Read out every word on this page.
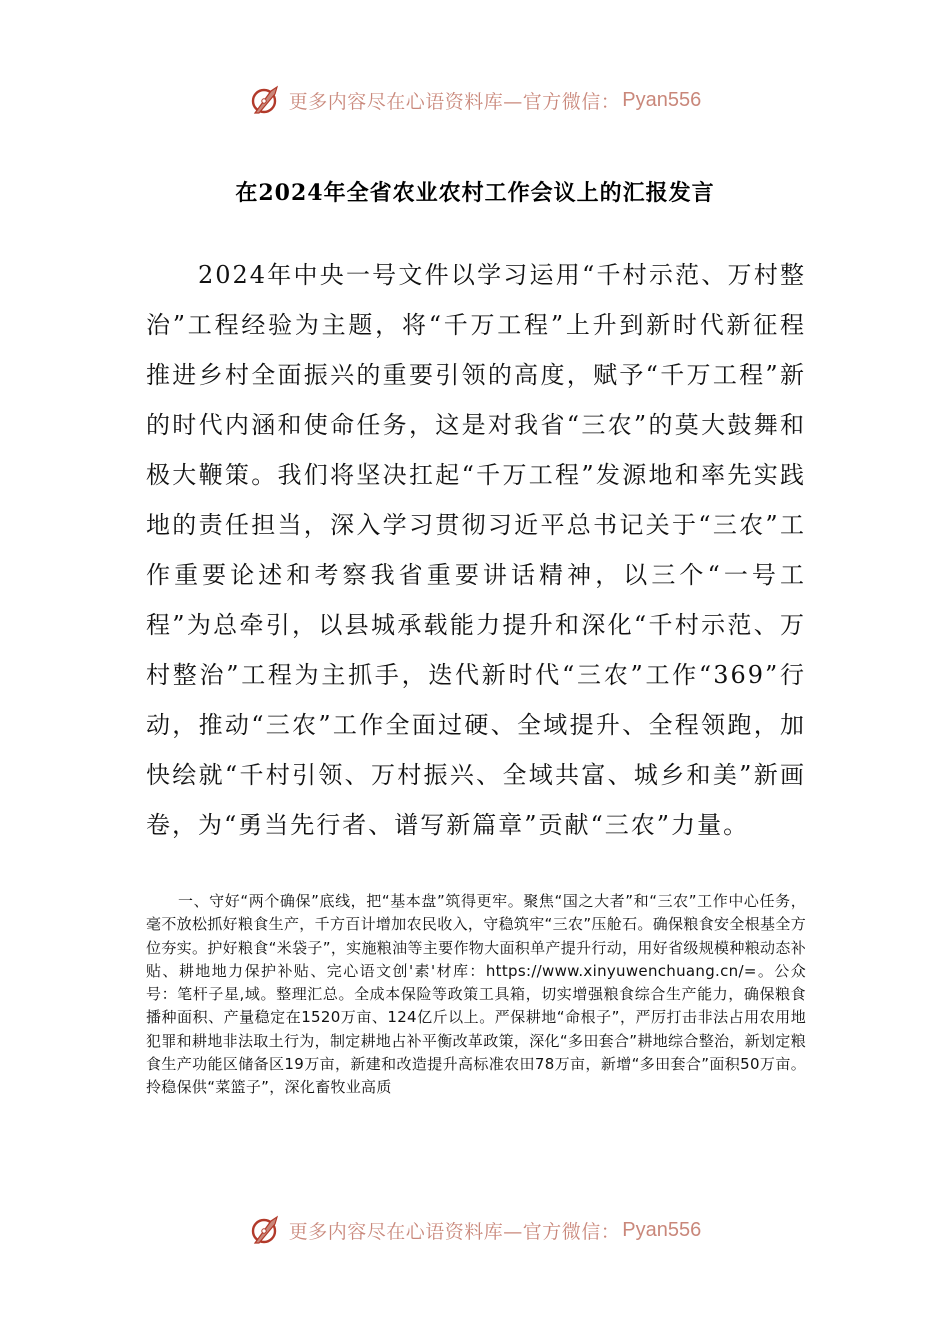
更多内容尽在心语资料库—官方微信： Pyan556
在2024年全省农业农村工作会议上的汇报发言

2024年中央一号文件以学习运用“千村示范、万村整治”工程经验为主题，将“千万工程”上升到新时代新征程推进乡村全面振兴的重要引领的高度，赋予“千万工程”新的时代内涵和使命任务，这是对我省“三农”的莫大鼓舞和极大鞭策。我们将坚决扛起“千万工程”发源地和率先实践地的责任担当，深入学习贯彻习近平总书记关于“三农”工作重要论述和考察我省重要讲话精神，以三个“一号工程”为总牵引，以县城承载能力提升和深化“千村示范、万村整治”工程为主抓手，迭代新时代“三农”工作“369”行动，推动“三农”工作全面过硬、全域提升、全程领跑，加快绘就“千村引领、万村振兴、全域共富、城乡和美”新画卷，为“勇当先行者、谱写新篇章”贡献“三农”力量。

一、守好“两个确保”底线，把“基本盘”筑得更牢。聚焦“国之大者”和“三农”工作中心任务，毫不放松抓好粮食生产，千方百计增加农民收入，守稳筑牢“三农”压舱石。确保粮食安全根基全方位夯实。护好粮食“米袋子”，实施粮油等主要作物大面积单产提升行动，用好省级规模种粮动态补贴、耕地地力保护补贴、完心语文创'素'材库：https://www.xinyuwenchuang.cn/=。公众号：笔杆子星,域。整理汇总。全成本保险等政策工具箱，切实增强粮食综合生产能力，确保粮食播种面积、产量稳定在1520万亩、124亿斤以上。严保耕地“命根子”，严厉打击非法占用农用地犯罪和耕地非法取土行为，制定耕地占补平衡改革政策，深化“多田套合”耕地综合整治，新划定粮食生产功能区储备区19万亩，新建和改造提升高标准农田78万亩，新增“多田套合”面积50万亩。拎稳保供“菜篮子”，深化畜牧业高质

更多内容尽在心语资料库—官方微信： Pyan556
